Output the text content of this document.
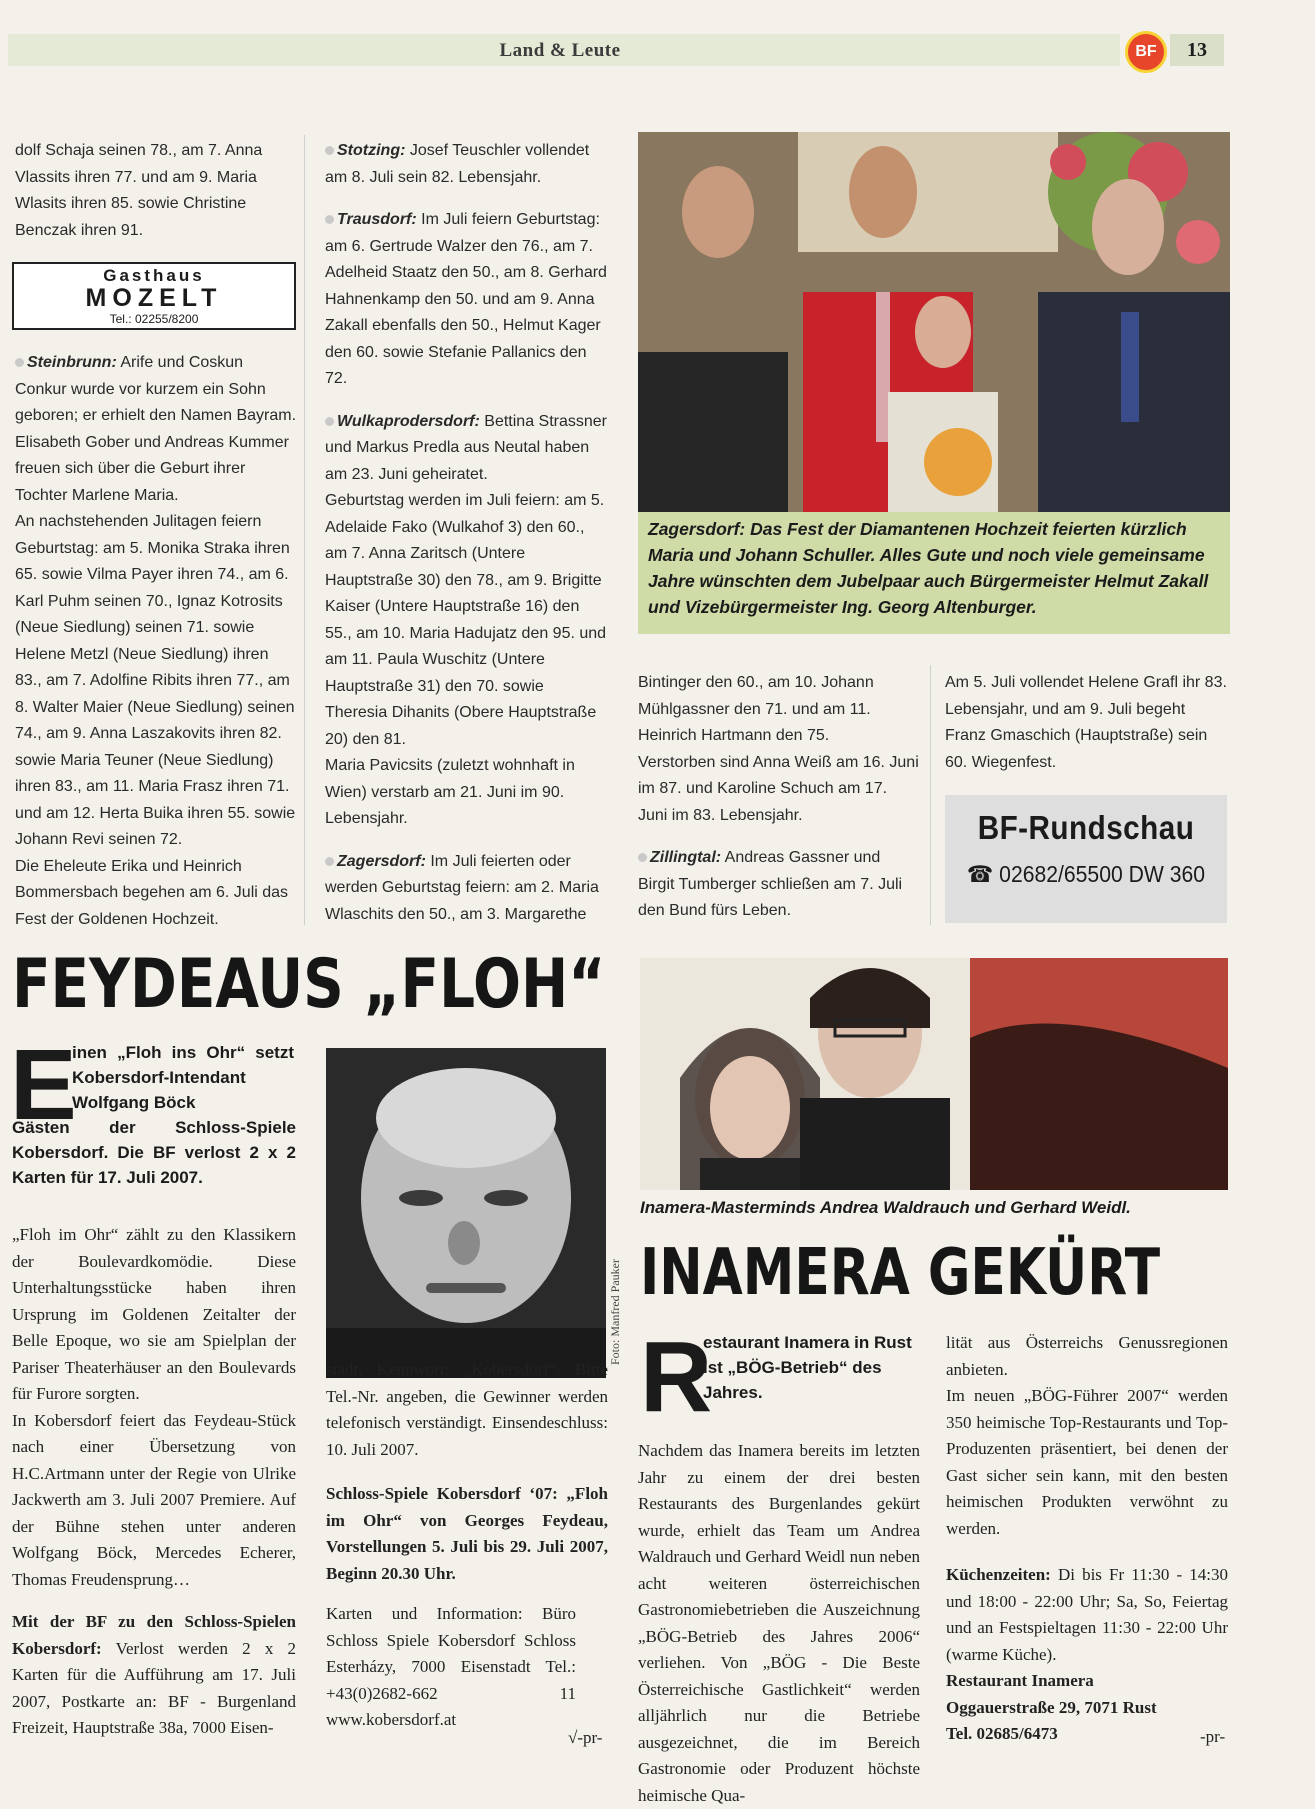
Land & Leute	BF	13

dolf Schaja seinen 78., am 7. Anna Vlassits ihren 77. und am 9. Maria Wlasits ihren 85. sowie Christine Benczak ihren 91.

Gasthaus
MOZELT
Tel.: 02255/8200

Steinbrunn: Arife und Coskun Conkur wurde vor kurzem ein Sohn geboren; er erhielt den Namen Bayram. Elisabeth Gober und Andreas Kummer freuen sich über die Geburt ihrer Tochter Marlene Maria.

An nachstehenden Julitagen feiern Geburtstag: am 5. Monika Straka ihren 65. sowie Vilma Payer ihren 74., am 6. Karl Puhm seinen 70., Ignaz Kotrosits (Neue Siedlung) seinen 71. sowie Helene Metzl (Neue Siedlung) ihren 83., am 7. Adolfine Ribits ihren 77., am 8. Walter Maier (Neue Siedlung) seinen 74., am 9. Anna Laszakovits ihren 82. sowie Maria Teuner (Neue Siedlung) ihren 83., am 11. Maria Frasz ihren 71. und am 12. Herta Buika ihren 55. sowie Johann Revi seinen 72.

Die Eheleute Erika und Heinrich Bommersbach begehen am 6. Juli das Fest der Goldenen Hochzeit.

Stotzing: Josef Teuschler vollendet am 8. Juli sein 82. Lebensjahr.

Trausdorf: Im Juli feiern Geburtstag: am 6. Gertrude Walzer den 76., am 7. Adelheid Staatz den 50., am 8. Gerhard Hahnenkamp den 50. und am 9. Anna Zakall ebenfalls den 50., Helmut Kager den 60. sowie Stefanie Pallanics den 72.

Wulkaprodersdorf: Bettina Strassner und Markus Predla aus Neutal haben am 23. Juni geheiratet.

Geburtstag werden im Juli feiern: am 5. Adelaide Fako (Wulkahof 3) den 60., am 7. Anna Zaritsch (Untere Hauptstraße 30) den 78., am 9. Brigitte Kaiser (Untere Hauptstraße 16) den 55., am 10. Maria Hadujatz den 95. und am 11. Paula Wuschitz (Untere Hauptstraße 31) den 70. sowie Theresia Dihanits (Obere Hauptstraße 20) den 81.

Maria Pavicsits (zuletzt wohnhaft in Wien) verstarb am 21. Juni im 90. Lebensjahr.

Zagersdorf: Im Juli feierten oder werden Geburtstag feiern: am 2. Maria Wlaschits den 50., am 3. Margarethe

Zagersdorf: Das Fest der Diamantenen Hochzeit feierten kürzlich Maria und Johann Schuller. Alles Gute und noch viele gemeinsame Jahre wünschten dem Jubelpaar auch Bürgermeister Helmut Zakall und Vizebürgermeister Ing. Georg Altenburger.

Bintinger den 60., am 10. Johann Mühlgassner den 71. und am 11. Heinrich Hartmann den 75.

Verstorben sind Anna Weiß am 16. Juni im 87. und Karoline Schuch am 17. Juni im 83. Lebensjahr.

Zillingtal: Andreas Gassner und Birgit Tumberger schließen am 7. Juli den Bund fürs Leben.

Am 5. Juli vollendet Helene Grafl ihr 83. Lebensjahr, und am 9. Juli begeht Franz Gmaschich (Hauptstraße) sein 60. Wiegenfest.

BF-Rundschau
☎ 02682/65500 DW 360
FEYDEAUS „FLOH“
E
inen „Floh ins Ohr“ setzt Kobersdorf-Intendant Wolfgang Böck
Gästen der Schloss-Spiele Kobersdorf. Die BF verlost 2 x 2 Karten für 17. Juli 2007.

„Floh im Ohr“ zählt zu den Klassikern der Boulevardkomödie. Diese Unterhaltungsstücke haben ihren Ursprung im Goldenen Zeitalter der Belle Epoque, wo sie am Spielplan der Pariser Theaterhäuser an den Boulevards für Furore sorgten.

In Kobersdorf feiert das Feydeau-Stück nach einer Übersetzung von H.C.Artmann unter der Regie von Ulrike Jackwerth am 3. Juli 2007 Premiere. Auf der Bühne stehen unter anderen Wolfgang Böck, Mercedes Echerer, Thomas Freudensprung…

Mit der BF zu den Schloss-Spielen Kobersdorf: Verlost werden 2 x 2 Karten für die Aufführung am 17. Juli 2007, Postkarte an: BF - Burgenland Freizeit, Hauptstraße 38a, 7000 Eisen-

Foto: Manfred Pauker

stadt, Kennwort: „Kobersdorf“. Bitte Tel.-Nr. angeben, die Gewinner werden telefonisch verständigt. Einsendeschluss: 10. Juli 2007.

Schloss-Spiele Kobersdorf ‘07: „Floh im Ohr“ von Georges Feydeau, Vorstellungen 5. Juli bis 29. Juli 2007, Beginn 20.30 Uhr.

Karten und Information: Büro Schloss Spiele Kobersdorf Schloss Esterházy, 7000 Eisenstadt Tel.: +43(0)2682-662 11 www.kobersdorf.at

√-pr-
Inamera-Masterminds Andrea Waldrauch und Gerhard Weidl.
INAMERA GEKÜRT
R
estaurant Inamera in Rust ist „BÖG-Betrieb“ des Jahres.

Nachdem das Inamera bereits im letzten Jahr zu einem der drei besten Restaurants des Burgenlandes gekürt wurde, erhielt das Team um Andrea Waldrauch und Gerhard Weidl nun neben acht weiteren österreichischen Gastronomiebetrieben die Auszeichnung „BÖG-Betrieb des Jahres 2006“ verliehen. Von „BÖG - Die Beste Österreichische Gastlichkeit“ werden alljährlich nur die Betriebe ausgezeichnet, die im Bereich Gastronomie oder Produzent höchste heimische Qua-

lität aus Österreichs Genussregionen anbieten.

Im neuen „BÖG-Führer 2007“ werden 350 heimische Top-Restaurants und Top-Produzenten präsentiert, bei denen der Gast sicher sein kann, mit den besten heimischen Produkten verwöhnt zu werden.

Küchenzeiten: Di bis Fr 11:30 - 14:30 und 18:00 - 22:00 Uhr; Sa, So, Feiertag und an Festspieltagen 11:30 - 22:00 Uhr (warme Küche).

Restaurant Inamera

Oggauerstraße 29, 7071 Rust

Tel. 02685/6473	-pr-
